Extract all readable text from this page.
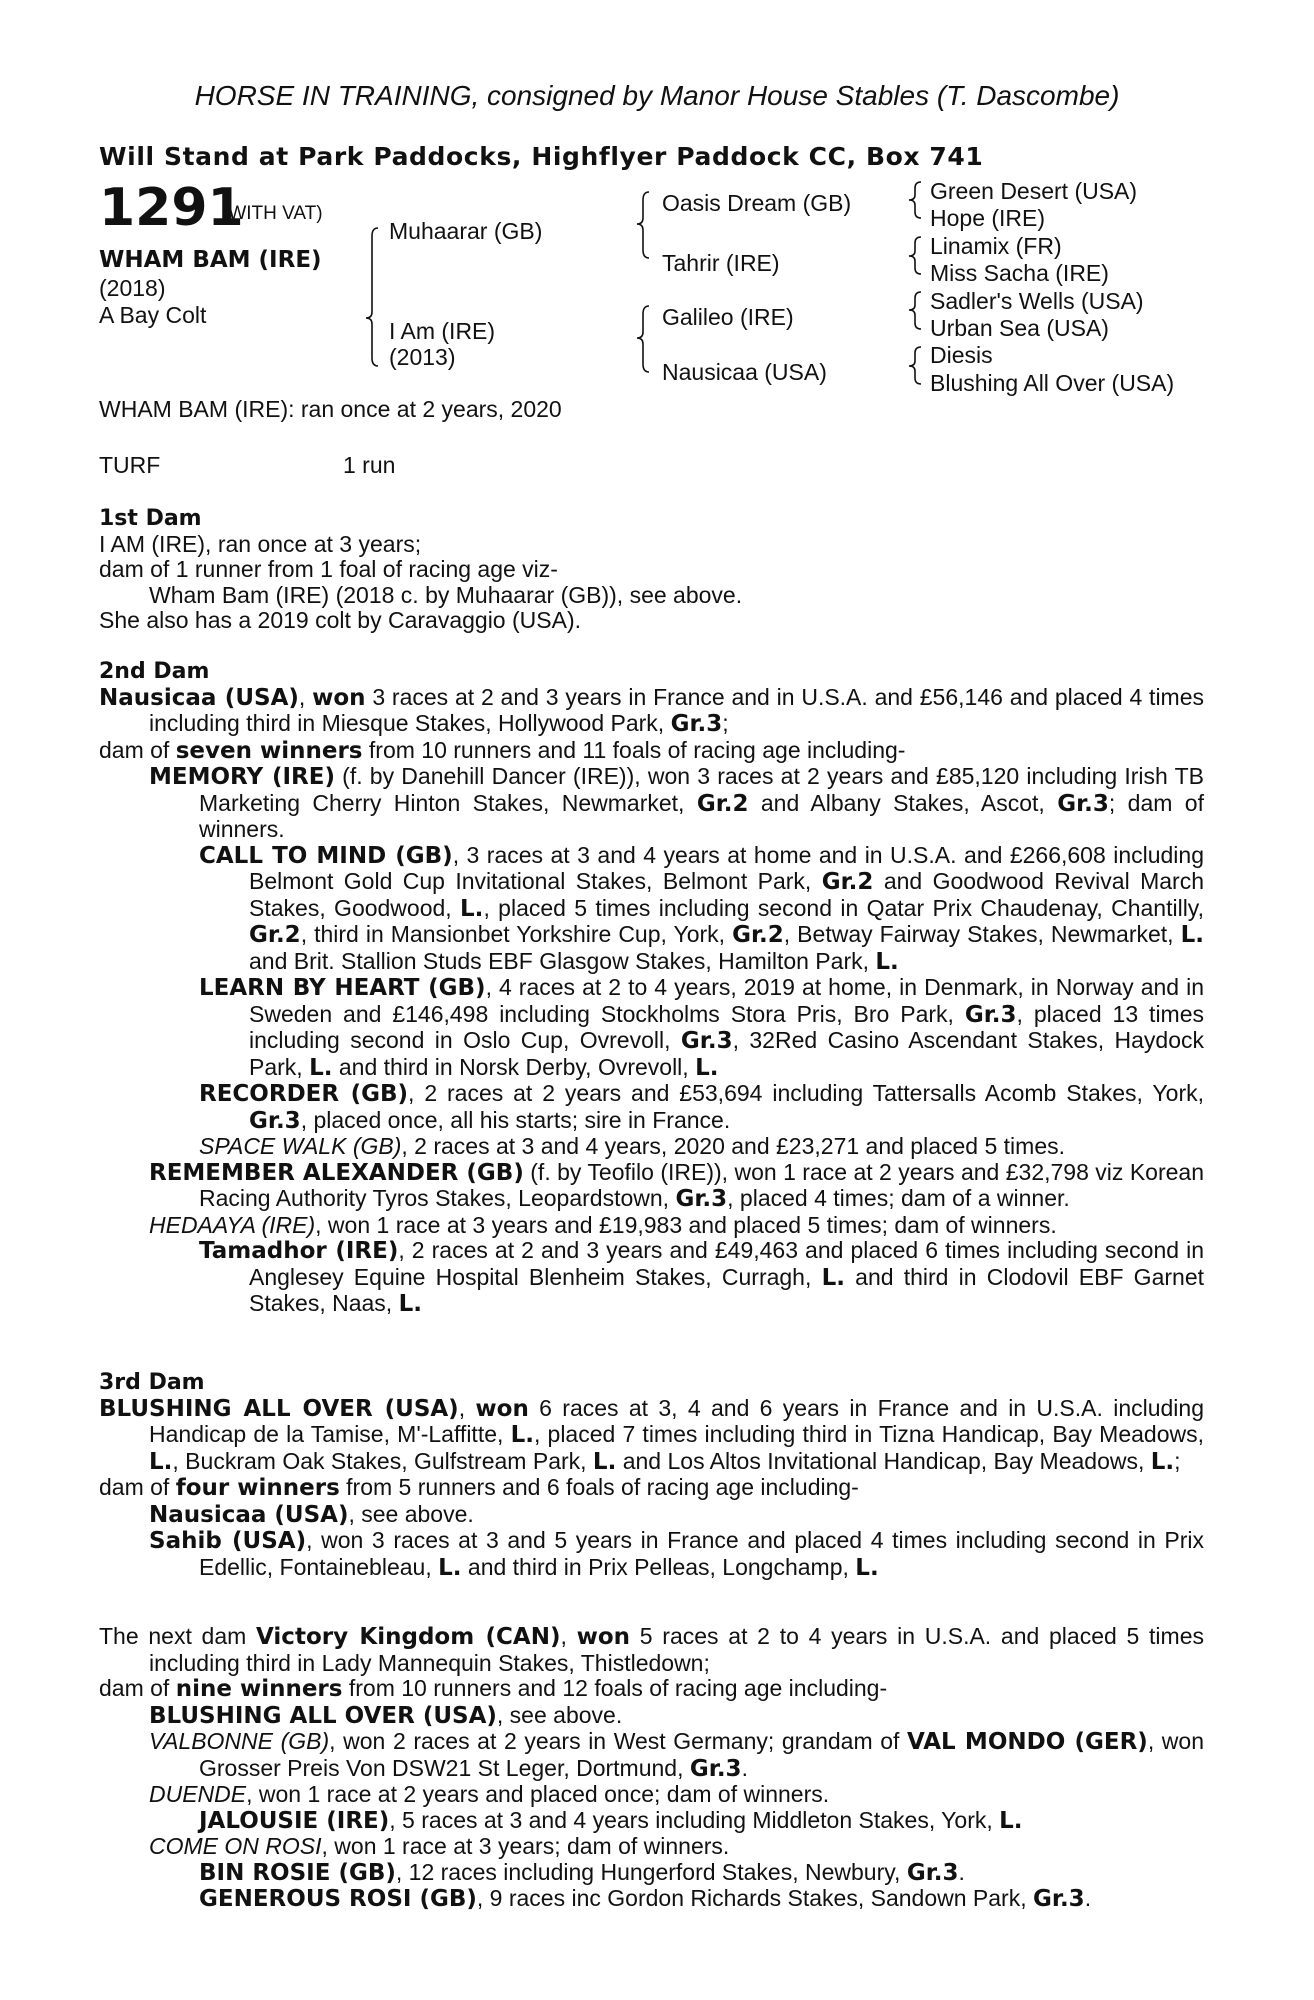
HORSE IN TRAINING, consigned by Manor House Stables (T. Dascombe)
Will Stand at Park Paddocks, Highflyer Paddock CC, Box 741
1291
(WITH VAT)
WHAM BAM (IRE)
(2018)
A Bay Colt
Muhaarar (GB)
I Am (IRE)
(2013)
Oasis Dream (GB)
Tahrir (IRE)
Galileo (IRE)
Nausicaa (USA)
Green Desert (USA)
Hope (IRE)
Linamix (FR)
Miss Sacha (IRE)
Sadler's Wells (USA)
Urban Sea (USA)
Diesis
Blushing All Over (USA)
WHAM BAM (IRE): ran once at 2 years, 2020
TURF	1 run

1st Dam

I AM (IRE), ran once at 3 years;

dam of 1 runner from 1 foal of racing age viz-

Wham Bam (IRE) (2018 c. by Muhaarar (GB)), see above.

She also has a 2019 colt by Caravaggio (USA).

2nd Dam

Nausicaa (USA), won 3 races at 2 and 3 years in France and in U.S.A. and £56,146 and placed 4 times including third in Miesque Stakes, Hollywood Park, Gr.3;

dam of seven winners from 10 runners and 11 foals of racing age including-

MEMORY (IRE) (f. by Danehill Dancer (IRE)), won 3 races at 2 years and £85,120 including Irish TB Marketing Cherry Hinton Stakes, Newmarket, Gr.2 and Albany Stakes, Ascot, Gr.3; dam of winners.

CALL TO MIND (GB), 3 races at 3 and 4 years at home and in U.S.A. and £266,608 including Belmont Gold Cup Invitational Stakes, Belmont Park, Gr.2 and Goodwood Revival March Stakes, Goodwood, L., placed 5 times including second in Qatar Prix Chaudenay, Chantilly, Gr.2, third in Mansionbet Yorkshire Cup, York, Gr.2, Betway Fairway Stakes, Newmarket, L. and Brit. Stallion Studs EBF Glasgow Stakes, Hamilton Park, L.

LEARN BY HEART (GB), 4 races at 2 to 4 years, 2019 at home, in Denmark, in Norway and in Sweden and £146,498 including Stockholms Stora Pris, Bro Park, Gr.3, placed 13 times including second in Oslo Cup, Ovrevoll, Gr.3, 32Red Casino Ascendant Stakes, Haydock Park, L. and third in Norsk Derby, Ovrevoll, L.

RECORDER (GB), 2 races at 2 years and £53,694 including Tattersalls Acomb Stakes, York, Gr.3, placed once, all his starts; sire in France.

SPACE WALK (GB), 2 races at 3 and 4 years, 2020 and £23,271 and placed 5 times.

REMEMBER ALEXANDER (GB) (f. by Teofilo (IRE)), won 1 race at 2 years and £32,798 viz Korean Racing Authority Tyros Stakes, Leopardstown, Gr.3, placed 4 times; dam of a winner.

HEDAAYA (IRE), won 1 race at 3 years and £19,983 and placed 5 times; dam of winners.

Tamadhor (IRE), 2 races at 2 and 3 years and £49,463 and placed 6 times including second in Anglesey Equine Hospital Blenheim Stakes, Curragh, L. and third in Clodovil EBF Garnet Stakes, Naas, L.

3rd Dam

BLUSHING ALL OVER (USA), won 6 races at 3, 4 and 6 years in France and in U.S.A. including Handicap de la Tamise, M'-Laffitte, L., placed 7 times including third in Tizna Handicap, Bay Meadows, L., Buckram Oak Stakes, Gulfstream Park, L. and Los Altos Invitational Handicap, Bay Meadows, L.;

dam of four winners from 5 runners and 6 foals of racing age including-

Nausicaa (USA), see above.

Sahib (USA), won 3 races at 3 and 5 years in France and placed 4 times including second in Prix Edellic, Fontainebleau, L. and third in Prix Pelleas, Longchamp, L.

The next dam Victory Kingdom (CAN), won 5 races at 2 to 4 years in U.S.A. and placed 5 times including third in Lady Mannequin Stakes, Thistledown;

dam of nine winners from 10 runners and 12 foals of racing age including-

BLUSHING ALL OVER (USA), see above.

VALBONNE (GB), won 2 races at 2 years in West Germany; grandam of VAL MONDO (GER), won Grosser Preis Von DSW21 St Leger, Dortmund, Gr.3.

DUENDE, won 1 race at 2 years and placed once; dam of winners.

JALOUSIE (IRE), 5 races at 3 and 4 years including Middleton Stakes, York, L.

COME ON ROSI, won 1 race at 3 years; dam of winners.

BIN ROSIE (GB), 12 races including Hungerford Stakes, Newbury, Gr.3.

GENEROUS ROSI (GB), 9 races inc Gordon Richards Stakes, Sandown Park, Gr.3.
